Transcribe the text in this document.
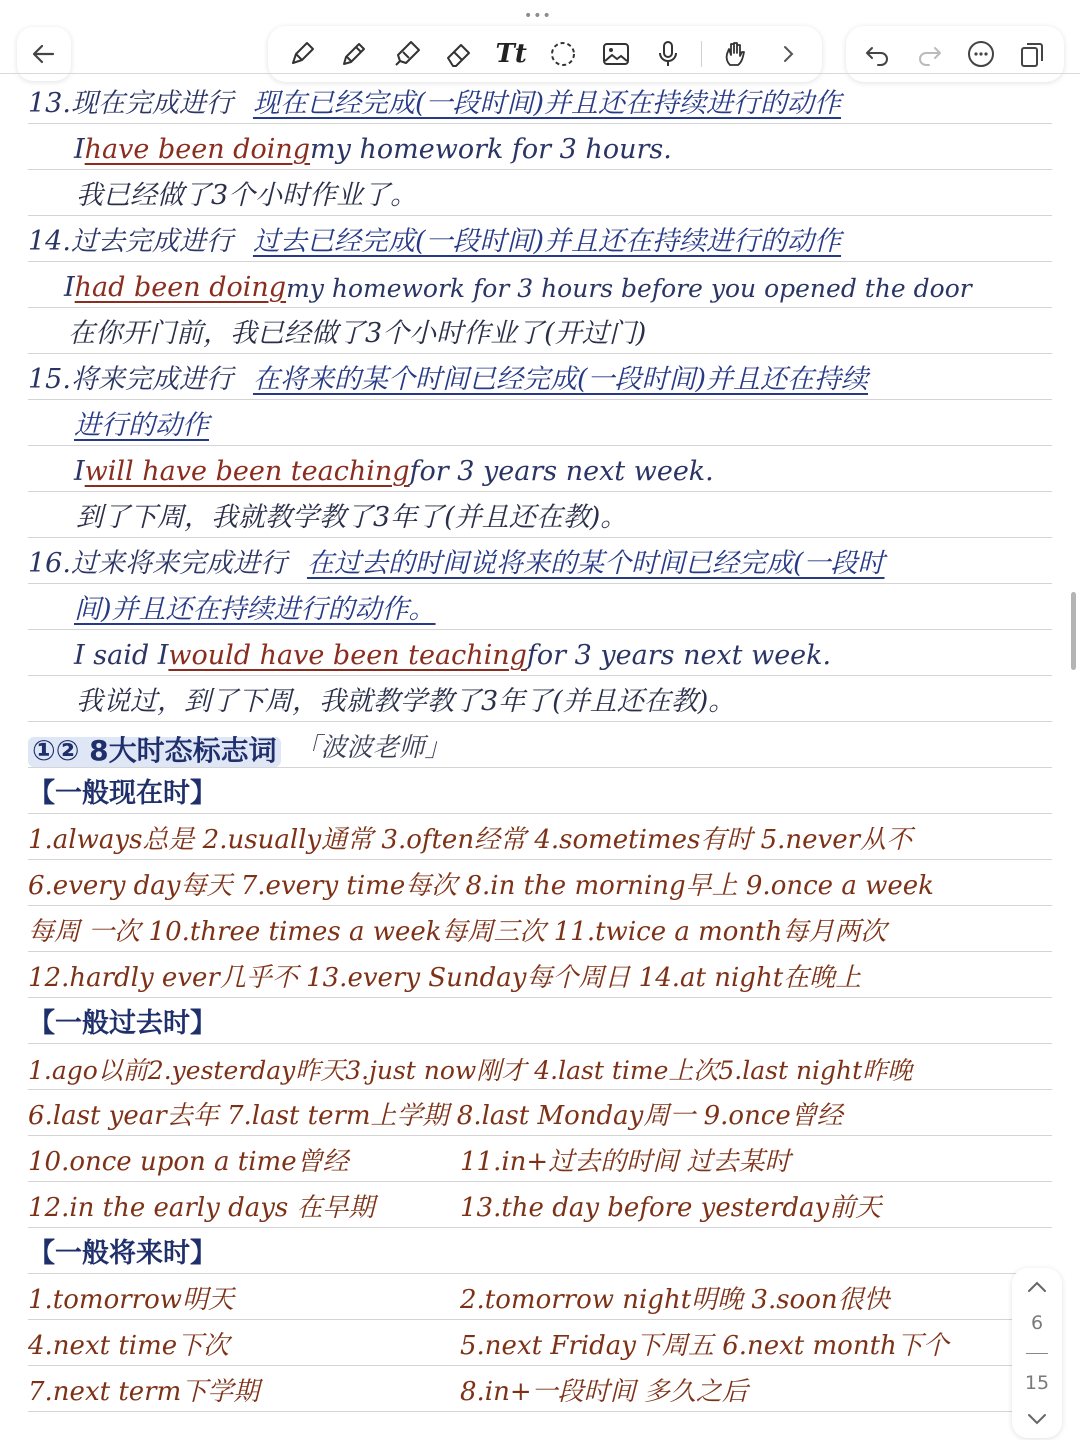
•••
Tt
13. 现在完成进行 现在已经完成(一段时间)并且还在持续进行的动作
I have been doing my homework for 3 hours.
我已经做了3个小时作业了。
14. 过去完成进行 过去已经完成(一段时间)并且还在持续进行的动作
I had been doing my homework for 3 hours before you opened the door
在你开门前，我已经做了3个小时作业了(开过门)
15. 将来完成进行 在将来的某个时间已经完成(一段时间)并且还在持续
进行的动作
I will have been teaching for 3 years next week.
到了下周，我就教学教了3年了(并且还在教)。
16. 过来将来完成进行 在过去的时间说将来的某个时间已经完成(一段时
间)并且还在持续进行的动作。
I said I would have been teaching for 3 years next week.
我说过，到了下周，我就教学教了3年了(并且还在教)。
①② 8大时态标志词 「波波老师」
【一般现在时】
1.always总是 2.usually通常 3.often经常 4.sometimes有时 5.never从不
6.every day每天 7.every time每次 8.in the morning早上 9.once a week
每周 一次 10.three times a week每周三次 11.twice a month每月两次
12.hardly ever几乎不 13.every Sunday每个周日 14.at night在晚上
【一般过去时】
1.ago以前2.yesterday昨天3.just now刚才 4.last time上次5.last night昨晚
6.last year去年 7.last term上学期 8.last Monday周一 9.once曾经
10.once upon a time曾经	11.in+过去的时间 过去某时
12.in the early days 在早期	13.the day before yesterday前天
【一般将来时】
1.tomorrow明天	2.tomorrow night明晚 3.soon很快
4.next time下次	5.next Friday下周五 6.next month下个
7.next term下学期	8.in+一段时间 多久之后
6
15
